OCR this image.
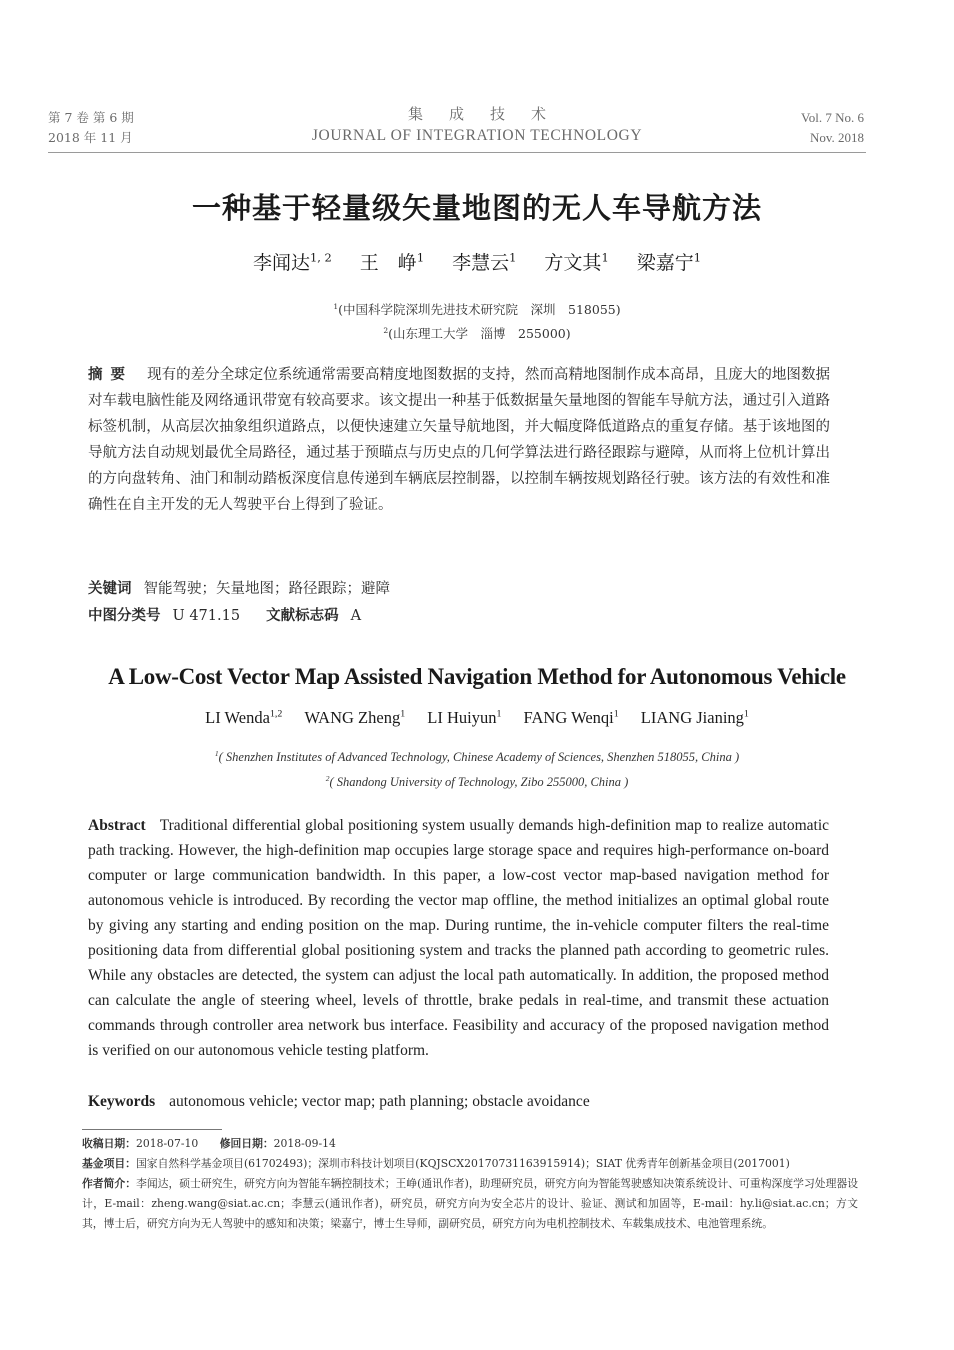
第 7 卷 第 6 期
2018 年 11 月
集成技术
JOURNAL OF INTEGRATION TECHNOLOGY
Vol. 7 No. 6
Nov. 2018
一种基于轻量级矢量地图的无人车导航方法
李闻达$^{1, 2}$ 王　峥$^1$ 李慧云$^1$ 方文其$^1$ 梁嘉宁$^1$
$^1$(中国科学院深圳先进技术研究院　深圳　518055)
$^2$(山东理工大学　淄博　255000)
摘要 现有的差分全球定位系统通常需要高精度地图数据的支持，然而高精地图制作成本高昂，且庞大的地图数据对车载电脑性能及网络通讯带宽有较高要求。该文提出一种基于低数据量矢量地图的智能车导航方法，通过引入道路标签机制，从高层次抽象组织道路点，以便快速建立矢量导航地图，并大幅度降低道路点的重复存储。基于该地图的导航方法自动规划最优全局路径，通过基于预瞄点与历史点的几何学算法进行路径跟踪与避障，从而将上位机计算出的方向盘转角、油门和制动踏板深度信息传递到车辆底层控制器，以控制车辆按规划路径行驶。该方法的有效性和准确性在自主开发的无人驾驶平台上得到了验证。
关键词 智能驾驶；矢量地图；路径跟踪；避障
中图分类号 U 471.15 文献标志码 A
A Low-Cost Vector Map Assisted Navigation Method for Autonomous Vehicle
LI Wenda$^{1,2}$ WANG Zheng$^1$ LI Huiyun$^1$ FANG Wenqi$^1$ LIANG Jianing$^1$
$^1$( Shenzhen Institutes of Advanced Technology, Chinese Academy of Sciences, Shenzhen 518055, China )
$^2$( Shandong University of Technology, Zibo 255000, China )
Abstract Traditional differential global positioning system usually demands high-definition map to realize automatic path tracking. However, the high-definition map occupies large storage space and requires high-performance on-board computer or large communication bandwidth. In this paper, a low-cost vector map-based navigation method for autonomous vehicle is introduced. By recording the vector map offline, the method initializes an optimal global route by giving any starting and ending position on the map. During runtime, the in-vehicle computer filters the real-time positioning data from differential global positioning system and tracks the planned path according to geometric rules. While any obstacles are detected, the system can adjust the local path automatically. In addition, the proposed method can calculate the angle of steering wheel, levels of throttle, brake pedals in real-time, and transmit these actuation commands through controller area network bus interface. Feasibility and accuracy of the proposed navigation method is verified on our autonomous vehicle testing platform.
Keywords autonomous vehicle; vector map; path planning; obstacle avoidance
收稿日期：2018-07-10 修回日期：2018-09-14
基金项目：国家自然科学基金项目(61702493)；深圳市科技计划项目(KQJSCX20170731163915914)；SIAT 优秀青年创新基金项目(2017001)
作者简介：李闻达，硕士研究生，研究方向为智能车辆控制技术；王峥(通讯作者)，助理研究员，研究方向为智能驾驶感知决策系统设计、可重构深度学习处理器设计，E-mail：zheng.wang@siat.ac.cn；李慧云(通讯作者)，研究员，研究方向为安全芯片的设计、验证、测试和加固等，E-mail：hy.li@siat.ac.cn；方文其，博士后，研究方向为无人驾驶中的感知和决策；梁嘉宁，博士生导师，副研究员，研究方向为电机控制技术、车载集成技术、电池管理系统。
